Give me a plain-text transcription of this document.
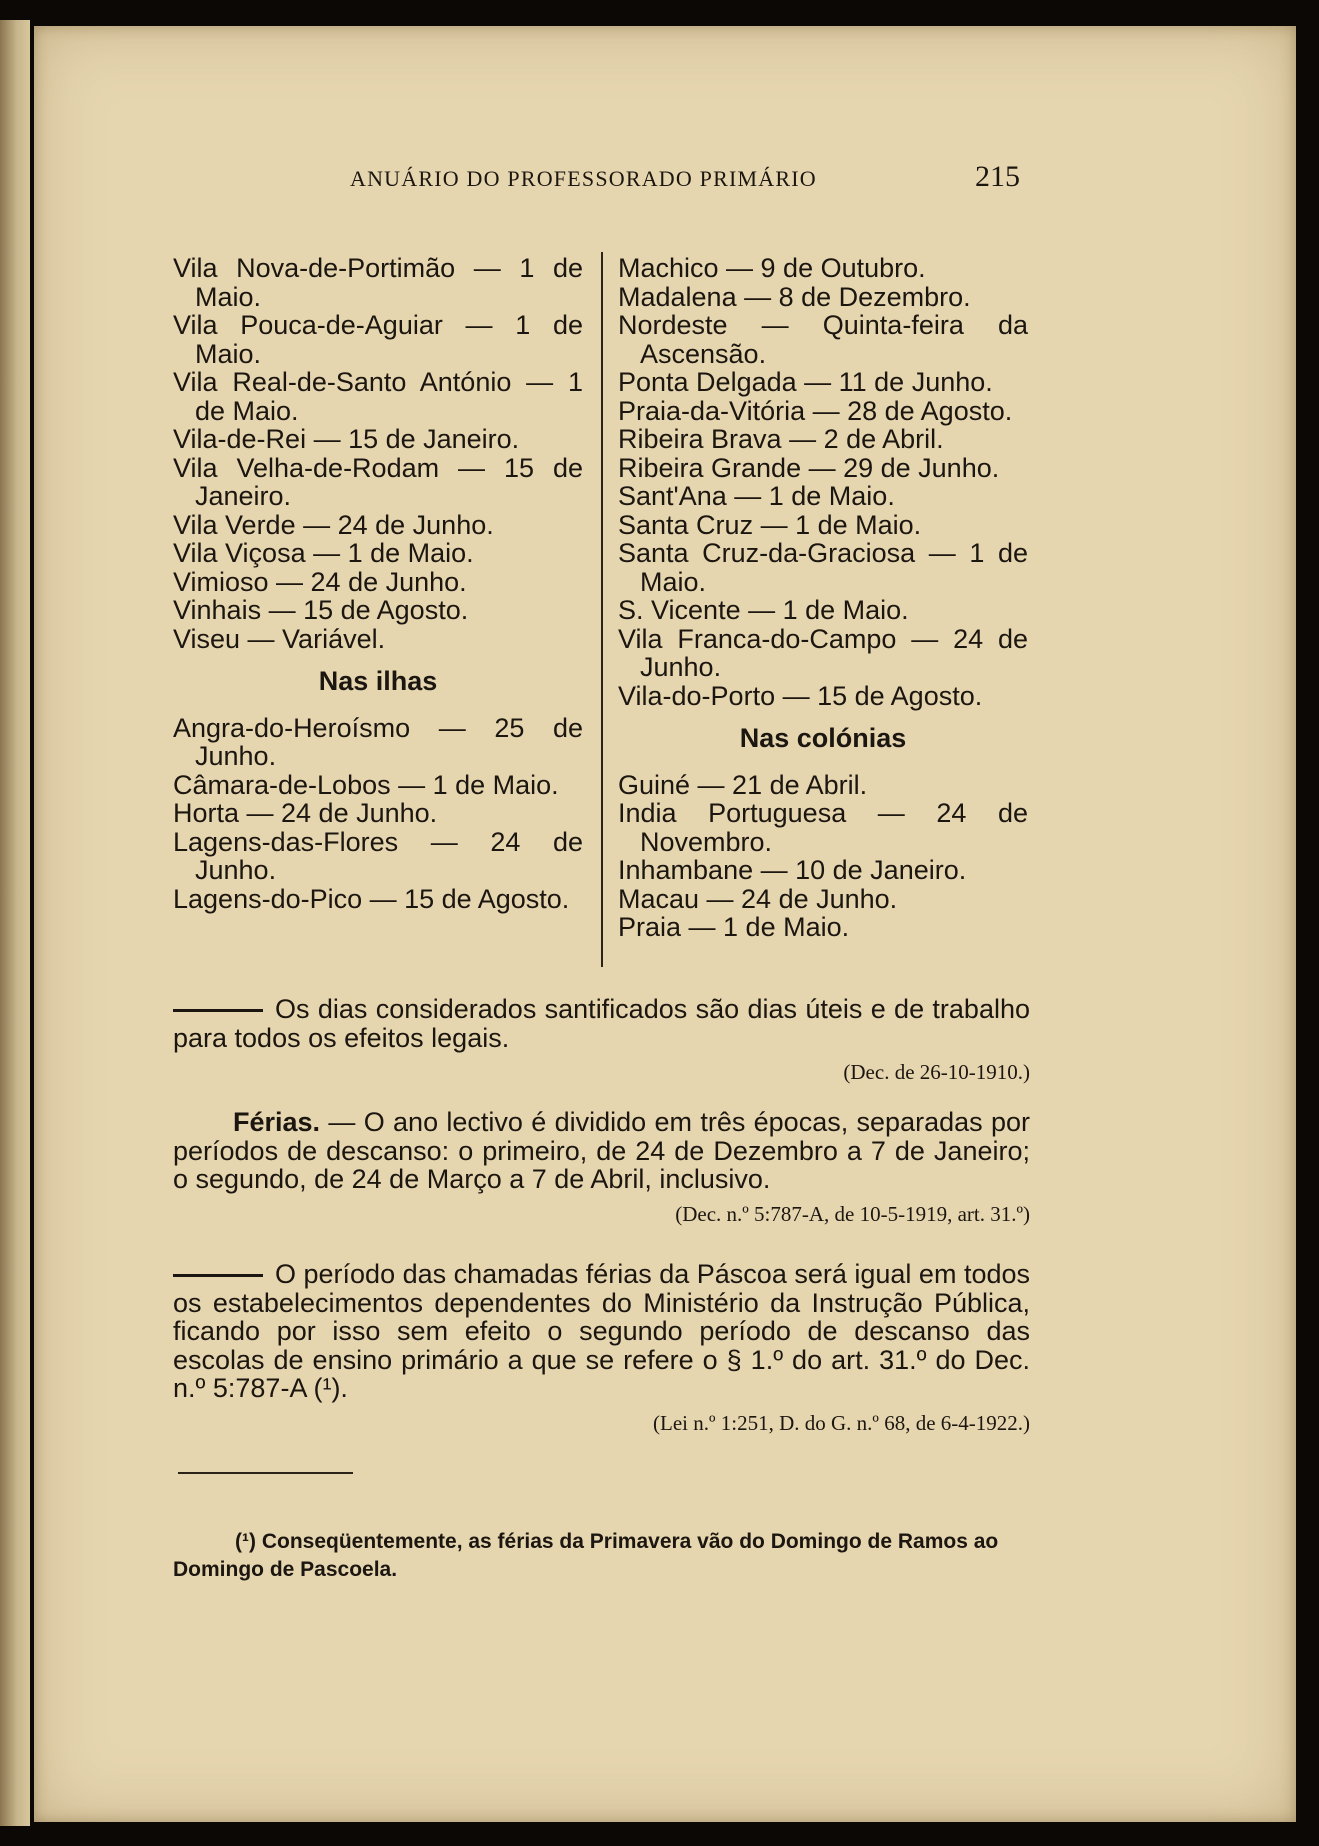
ANUÁRIO DO PROFESSORADO PRIMÁRIO	215
Vila Nova-de-Portimão — 1 de Maio.
Vila Pouca-de-Aguiar — 1 de Maio.
Vila Real-de-Santo António — 1 de Maio.
Vila-de-Rei — 15 de Janeiro.
Vila Velha-de-Rodam — 15 de Janeiro.
Vila Verde — 24 de Junho.
Vila Viçosa — 1 de Maio.
Vimioso — 24 de Junho.
Vinhais — 15 de Agosto.
Viseu — Variável.
Nas ilhas
Angra-do-Heroísmo — 25 de Junho.
Câmara-de-Lobos — 1 de Maio.
Horta — 24 de Junho.
Lagens-das-Flores — 24 de Junho.
Lagens-do-Pico — 15 de Agosto.
Machico — 9 de Outubro.
Madalena — 8 de Dezembro.
Nordeste — Quinta-feira da Ascensão.
Ponta Delgada — 11 de Junho.
Praia-da-Vitória — 28 de Agosto.
Ribeira Brava — 2 de Abril.
Ribeira Grande — 29 de Junho.
Sant'Ana — 1 de Maio.
Santa Cruz — 1 de Maio.
Santa Cruz-da-Graciosa — 1 de Maio.
S. Vicente — 1 de Maio.
Vila Franca-do-Campo — 24 de Junho.
Vila-do-Porto — 15 de Agosto.
Nas colónias
Guiné — 21 de Abril.
India Portuguesa — 24 de Novembro.
Inhambane — 10 de Janeiro.
Macau — 24 de Junho.
Praia — 1 de Maio.
Os dias considerados santificados são dias úteis e de trabalho para todos os efeitos legais.
(Dec. de 26-10-1910.)
Férias. — O ano lectivo é dividido em três épocas, separadas por períodos de descanso: o primeiro, de 24 de Dezembro a 7 de Janeiro; o segundo, de 24 de Março a 7 de Abril, inclusivo.
(Dec. n.º 5:787-A, de 10-5-1919, art. 31.º)
O período das chamadas férias da Páscoa será igual em todos os estabelecimentos dependentes do Ministério da Instrução Pública, ficando por isso sem efeito o segundo período de descanso das escolas de ensino primário a que se refere o § 1.º do art. 31.º do Dec. n.º 5:787-A (¹).
(Lei n.º 1:251, D. do G. n.º 68, de 6-4-1922.)
(¹) Conseqüentemente, as férias da Primavera vão do Domingo de Ramos ao Domingo de Pascoela.
